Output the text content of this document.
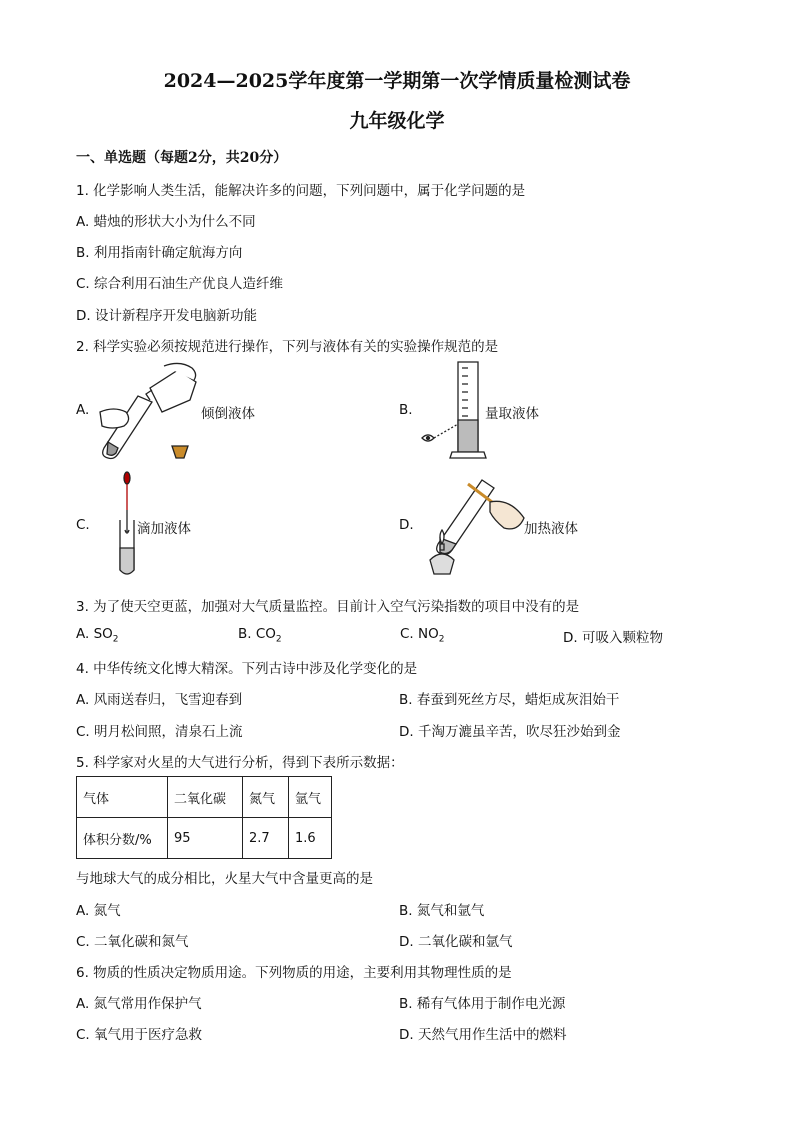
2024—2025学年度第一学期第一次学情质量检测试卷
九年级化学
一、单选题（每题2分，共20分）
1. 化学影响人类生活，能解决许多的问题，下列问题中，属于化学问题的是
A. 蜡烛的形状大小为什么不同
B. 利用指南针确定航海方向
C. 综合利用石油生产优良人造纤维
D. 设计新程序开发电脑新功能
2. 科学实验必须按规范进行操作，下列与液体有关的实验操作规范的是
A.	倾倒液体	B.	量取液体
C.	滴加液体	D.	加热液体
3. 为了使天空更蓝，加强对大气质量监控。目前计入空气污染指数的项目中没有的是
A. $SO_2$	B. $CO_2$	C. $NO_2$	D. 可吸入颗粒物
4. 中华传统文化博大精深。下列古诗中涉及化学变化的是
A. 风雨送春归，飞雪迎春到	B. 春蚕到死丝方尽，蜡炬成灰泪始干
C. 明月松间照，清泉石上流	D. 千淘万漉虽辛苦，吹尽狂沙始到金
5. 科学家对火星的大气进行分析，得到下表所示数据：
气体	二氧化碳	氮气	氩气
体积分数/%	95	2.7	1.6
与地球大气的成分相比，火星大气中含量更高的是
A. 氮气	B. 氮气和氩气
C. 二氧化碳和氮气	D. 二氧化碳和氩气
6. 物质的性质决定物质用途。下列物质的用途，主要利用其物理性质的是
A. 氮气常用作保护气	B. 稀有气体用于制作电光源
C. 氧气用于医疗急救	D. 天然气用作生活中的燃料
